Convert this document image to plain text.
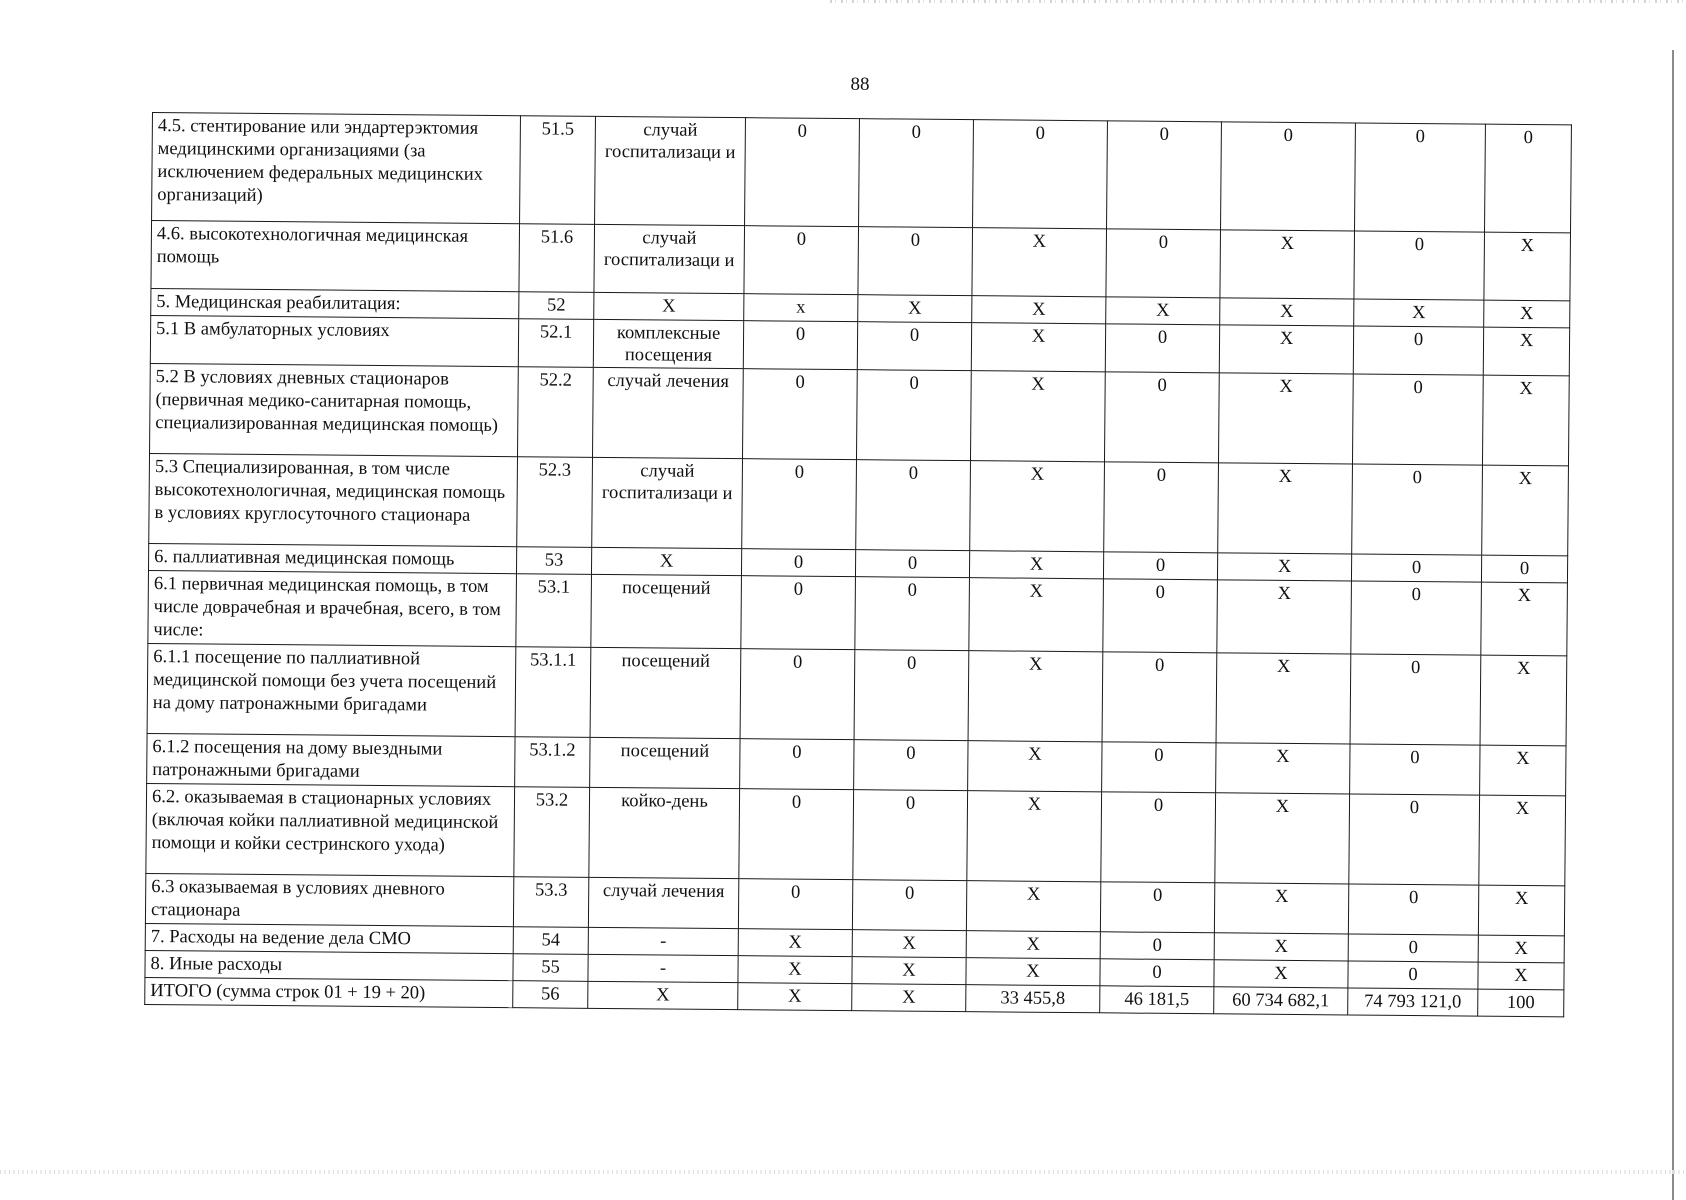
88
4.5. стентирование или эндартерэктомия медицинскими организациями (за исключением федеральных медицинских организаций)	51.5	случай госпитализаци и	0	0	0	0	0	0	0
4.6. высокотехнологичная медицинская помощь	51.6	случай госпитализаци и	0	0	X	0	X	0	X
5. Медицинская реабилитация:	52	X	x	X	X	X	X	X	X
5.1 В амбулаторных условиях	52.1	комплексные посещения	0	0	X	0	X	0	X
5.2 В условиях дневных стационаров (первичная медико-санитарная помощь, специализированная медицинская помощь)	52.2	случай лечения	0	0	X	0	X	0	X
5.3 Специализированная, в том числе высокотехнологичная, медицинская помощь в условиях круглосуточного стационара	52.3	случай госпитализаци и	0	0	X	0	X	0	X
6. паллиативная медицинская помощь	53	X	0	0	X	0	X	0	0
6.1 первичная медицинская помощь, в том числе доврачебная и врачебная, всего, в том числе:	53.1	посещений	0	0	X	0	X	0	X
6.1.1 посещение по паллиативной медицинской помощи без учета посещений на дому патронажными бригадами	53.1.1	посещений	0	0	X	0	X	0	X
6.1.2 посещения на дому выездными патронажными бригадами	53.1.2	посещений	0	0	X	0	X	0	X
6.2. оказываемая в стационарных условиях (включая койки паллиативной медицинской помощи и койки сестринского ухода)	53.2	койко-день	0	0	X	0	X	0	X
6.3 оказываемая в условиях дневного стационара	53.3	случай лечения	0	0	X	0	X	0	X
7. Расходы на ведение дела СМО	54	-	X	X	X	0	X	0	X
8. Иные расходы	55	-	X	X	X	0	X	0	X
ИТОГО (сумма строк 01 + 19 + 20)	56	X	X	X	33 455,8	46 181,5	60 734 682,1	74 793 121,0	100
